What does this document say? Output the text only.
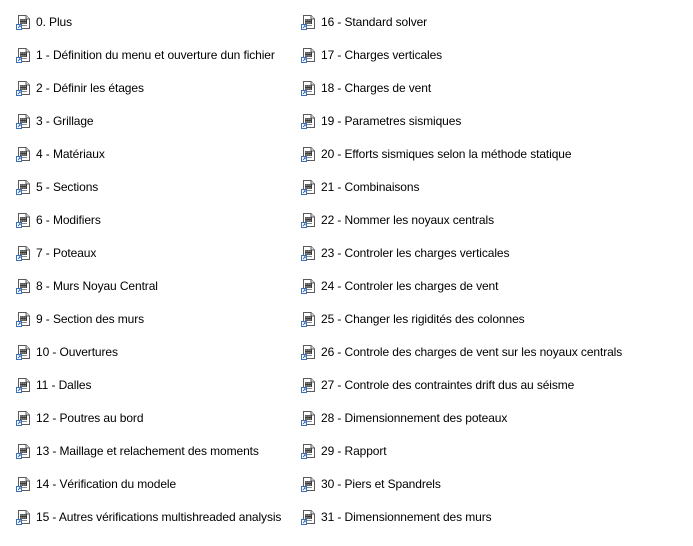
0. Plus
1 - Définition du menu et ouverture dun fichier
2 - Définir les étages
3 - Grillage
4 - Matériaux
5 - Sections
6 - Modifiers
7 - Poteaux
8 - Murs Noyau Central
9 - Section des murs
10 - Ouvertures
11 - Dalles
12 - Poutres au bord
13 - Maillage et relachement des moments
14 - Vérification du modele
15 - Autres vérifications multishreaded analysis
16 - Standard solver
17 - Charges verticales
18 - Charges de vent
19 - Parametres sismiques
20 - Efforts sismiques selon la méthode statique
21 - Combinaisons
22 - Nommer les noyaux centrals
23 - Controler les charges verticales
24 - Controler les charges de vent
25 - Changer les rigidités des colonnes
26 - Controle des charges de vent sur les noyaux centrals
27 - Controle des contraintes drift dus au séisme
28 - Dimensionnement des poteaux
29 - Rapport
30 - Piers et Spandrels
31 - Dimensionnement des murs
